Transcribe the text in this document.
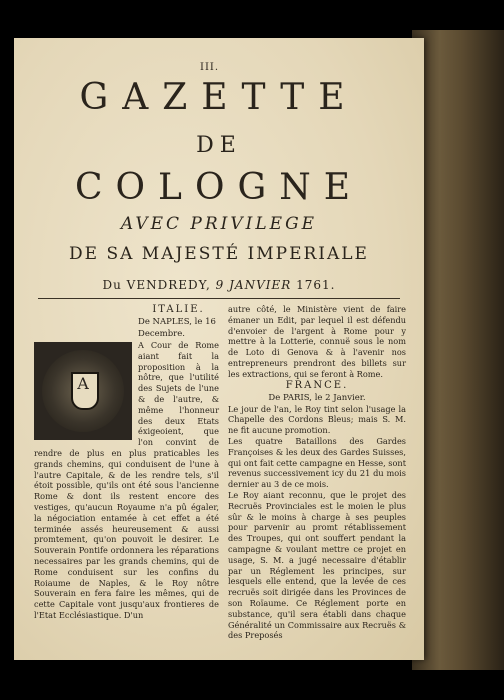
III.
GAZETTE
DE
COLOGNE
AVEC PRIVILEGE
DE SA MAJESTÉ IMPERIALE
Du VENDREDY, 9 JANVIER 1761.

ITALIE.

De NAPLES, le 16 Decembre.

A

A Cour de Rome aiant fait la proposition à la nôtre, que l'utilité des Sujets de l'une & de l'autre, & même l'honneur des deux Etats éxigeoient, que l'on convint de rendre de plus en plus praticables les grands chemins, qui conduisent de l'une à l'autre Capitale, & de les rendre tels, s'il étoit possible, qu'ils ont été sous l'ancienne Rome & dont ils restent encore des vestiges, qu'aucun Royaume n'a pû égaler, la négociation entamée à cet effet a été terminée assés heureusement & aussi promtement, qu'on pouvoit le desirer. Le Souverain Pontife ordonnera les réparations necessaires par les grands chemins, qui de Rome conduisent sur les confins du Roiaume de Naples, & le Roy nôtre Souverain en fera faire les mêmes, qui de cette Capitale vont jusqu'aux frontieres de l'Etat Ecclésiastique. D'un

autre côté, le Ministère vient de faire émaner un Edit, par lequel il est défendu d'envoier de l'argent à Rome pour y mettre à la Lotterie, connuë sous le nom de Loto di Genova & à l'avenir nos entrepreneurs prendront des billets sur les extractions, qui se feront à Rome.

FRANCE.

De PARIS, le 2 Janvier.

Le jour de l'an, le Roy tint selon l'usage la Chapelle des Cordons Bleus; mais S. M. ne fit aucune promotion.

Les quatre Bataillons des Gardes Françoises & les deux des Gardes Suisses, qui ont fait cette campagne en Hesse, sont revenus successivement icy du 21 du mois dernier au 3 de ce mois.

Le Roy aiant reconnu, que le projet des Recruës Provinciales est le moien le plus sûr & le moins à charge à ses peuples pour parvenir au promt rétablissement des Troupes, qui ont souffert pendant la campagne & voulant mettre ce projet en usage, S. M. a jugé necessaire d'établir par un Réglement les principes, sur lesquels elle entend, que la levée de ces recruës soit dirigée dans les Provinces de son Roïaume. Ce Réglement porte en substance, qu'il sera établi dans chaque Généralité un Commissaire aux Recruës & des Preposés
